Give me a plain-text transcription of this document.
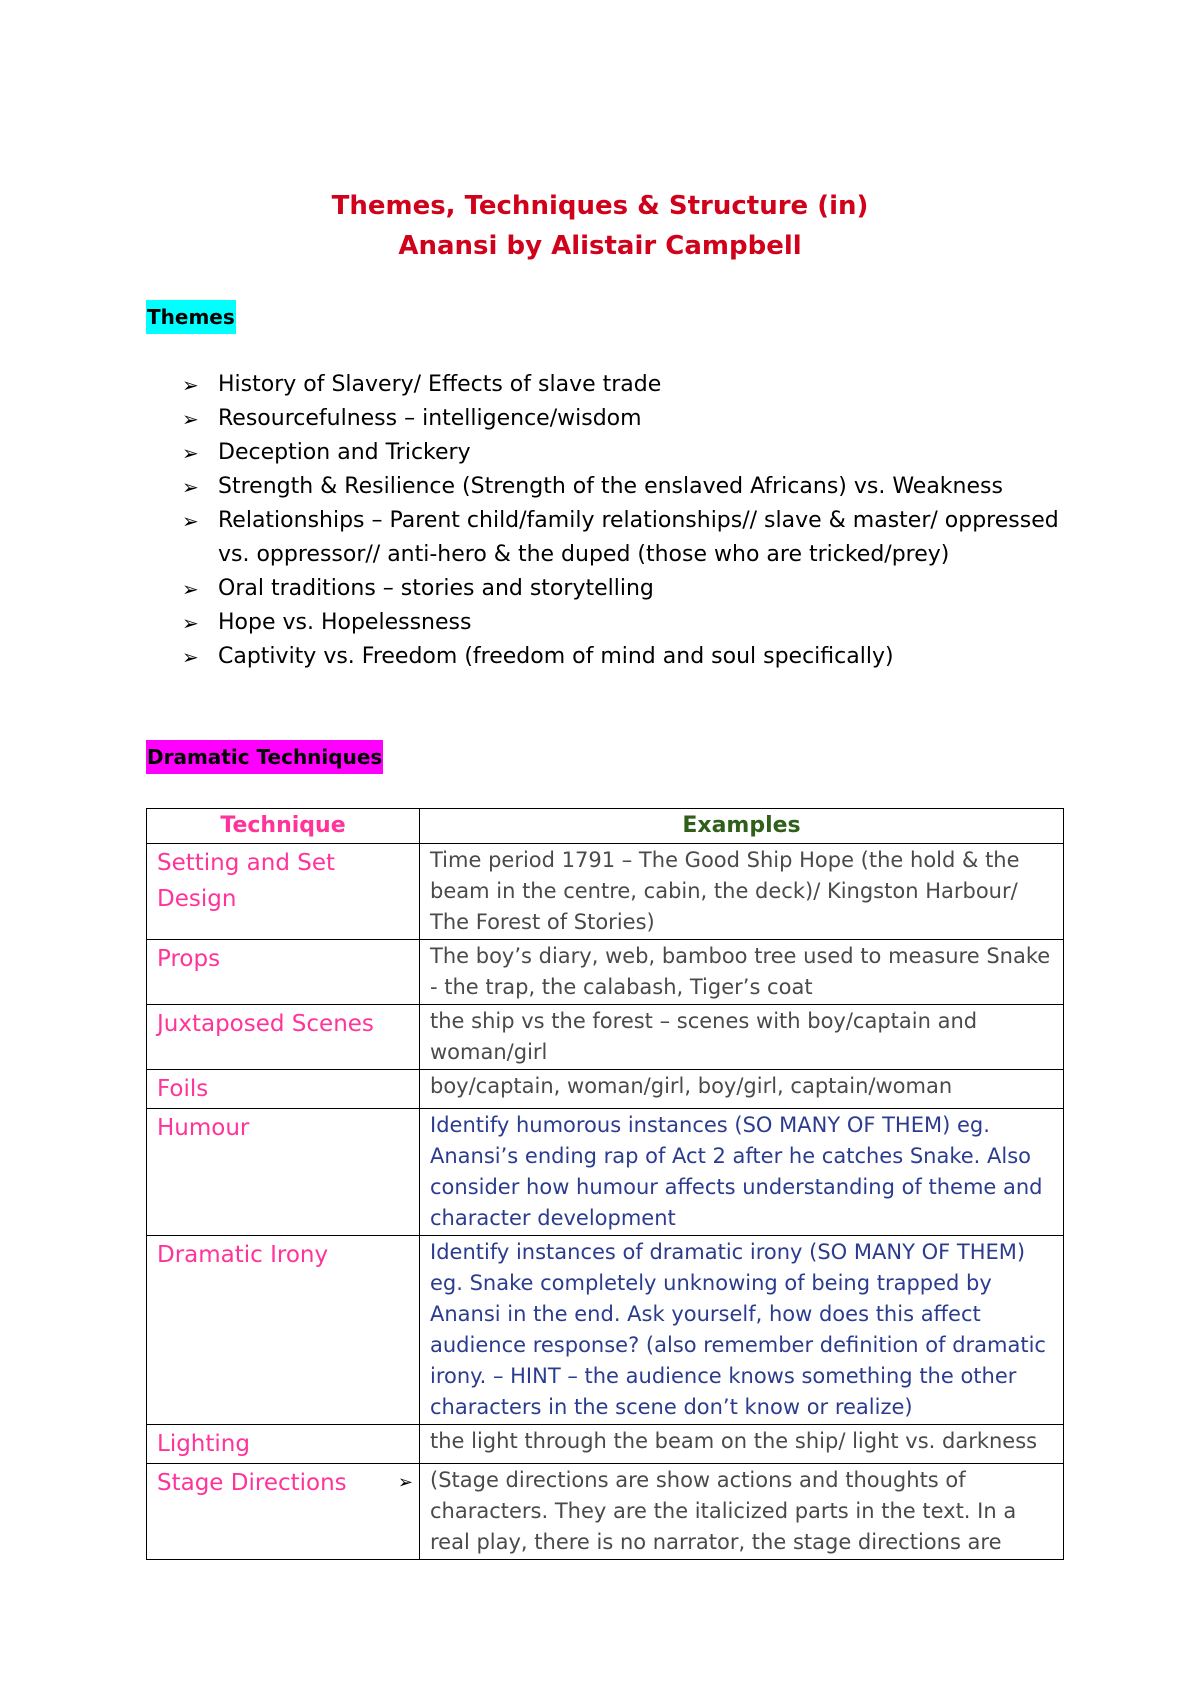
Themes, Techniques & Structure (in)
Anansi by Alistair Campbell
Themes
➢ History of Slavery/ Effects of slave trade
➢ Resourcefulness – intelligence/wisdom
➢ Deception and Trickery
➢ Strength & Resilience (Strength of the enslaved Africans) vs. Weakness
➢ Relationships – Parent child/family relationships// slave & master/ oppressed vs. oppressor// anti-hero & the duped (those who are tricked/prey)
➢ Oral traditions – stories and storytelling
➢ Hope vs. Hopelessness
➢ Captivity vs. Freedom (freedom of mind and soul specifically)
Dramatic Techniques
Technique	Examples
Setting and Set Design	Time period 1791 – The Good Ship Hope (the hold & the beam in the centre, cabin, the deck)/ Kingston Harbour/ The Forest of Stories)
Props	The boy’s diary, web, bamboo tree used to measure Snake - the trap, the calabash, Tiger’s coat
Juxtaposed Scenes	the ship vs the forest – scenes with boy/captain and woman/girl
Foils	boy/captain, woman/girl, boy/girl, captain/woman
Humour	Identify humorous instances (SO MANY OF THEM) eg. Anansi’s ending rap of Act 2 after he catches Snake. Also consider how humour affects understanding of theme and character development
Dramatic Irony	Identify instances of dramatic irony (SO MANY OF THEM) eg. Snake completely unknowing of being trapped by Anansi in the end. Ask yourself, how does this affect audience response? (also remember definition of dramatic irony. – HINT – the audience knows something the other characters in the scene don’t know or realize)
Lighting	the light through the beam on the ship/ light vs. darkness
Stage Directions ➢	(Stage directions are show actions and thoughts of characters. They are the italicized parts in the text. In a real play, there is no narrator, the stage directions are
